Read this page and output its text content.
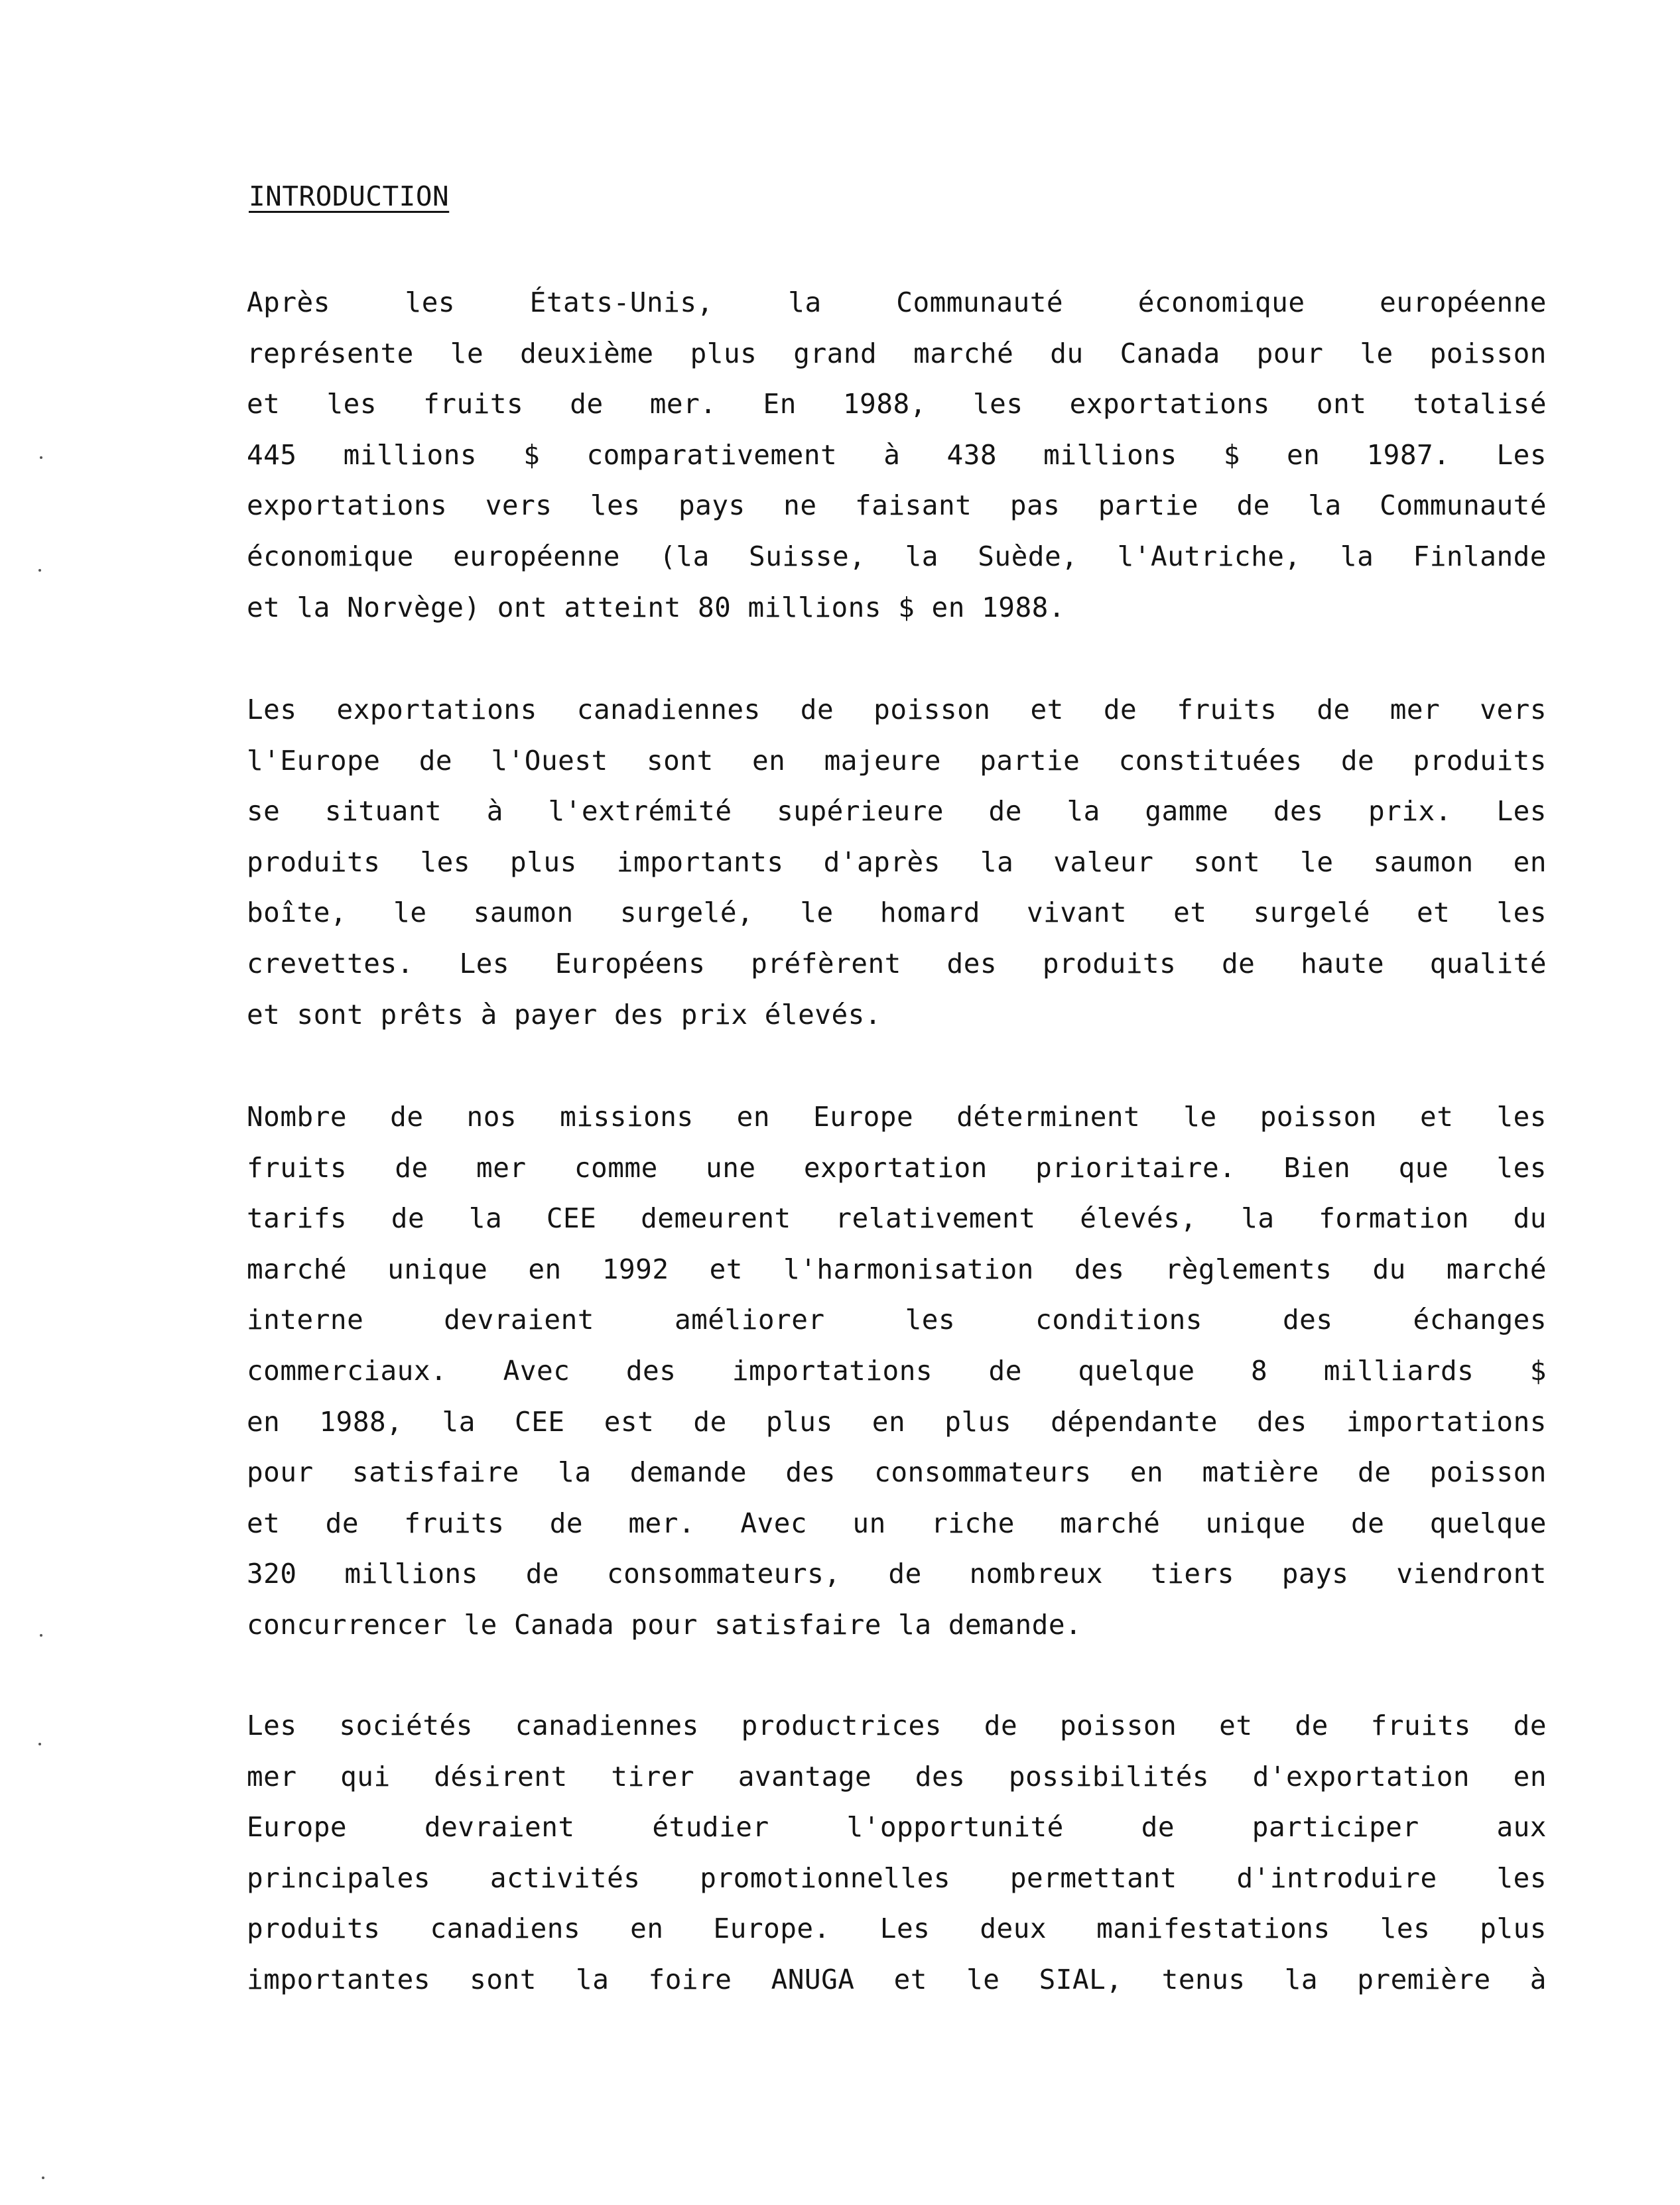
INTRODUCTION
Après les États-Unis, la Communauté économique européenne
représente le deuxième plus grand marché du Canada pour le poisson
et les fruits de mer. En 1988, les exportations ont totalisé
445 millions $ comparativement à 438 millions $ en 1987. Les
exportations vers les pays ne faisant pas partie de la Communauté
économique européenne (la Suisse, la Suède, l'Autriche, la Finlande
et la Norvège) ont atteint 80 millions $ en 1988.
Les exportations canadiennes de poisson et de fruits de mer vers
l'Europe de l'Ouest sont en majeure partie constituées de produits
se situant à l'extrémité supérieure de la gamme des prix. Les
produits les plus importants d'après la valeur sont le saumon en
boîte, le saumon surgelé, le homard vivant et surgelé et les
crevettes. Les Européens préfèrent des produits de haute qualité
et sont prêts à payer des prix élevés.
Nombre de nos missions en Europe déterminent le poisson et les
fruits de mer comme une exportation prioritaire. Bien que les
tarifs de la CEE demeurent relativement élevés, la formation du
marché unique en 1992 et l'harmonisation des règlements du marché
interne devraient améliorer les conditions des échanges
commerciaux. Avec des importations de quelque 8 milliards $
en 1988, la CEE est de plus en plus dépendante des importations
pour satisfaire la demande des consommateurs en matière de poisson
et de fruits de mer. Avec un riche marché unique de quelque
320 millions de consommateurs, de nombreux tiers pays viendront
concurrencer le Canada pour satisfaire la demande.
Les sociétés canadiennes productrices de poisson et de fruits de
mer qui désirent tirer avantage des possibilités d'exportation en
Europe devraient étudier l'opportunité de participer aux
principales activités promotionnelles permettant d'introduire les
produits canadiens en Europe. Les deux manifestations les plus
importantes sont la foire ANUGA et le SIAL, tenus la première à
